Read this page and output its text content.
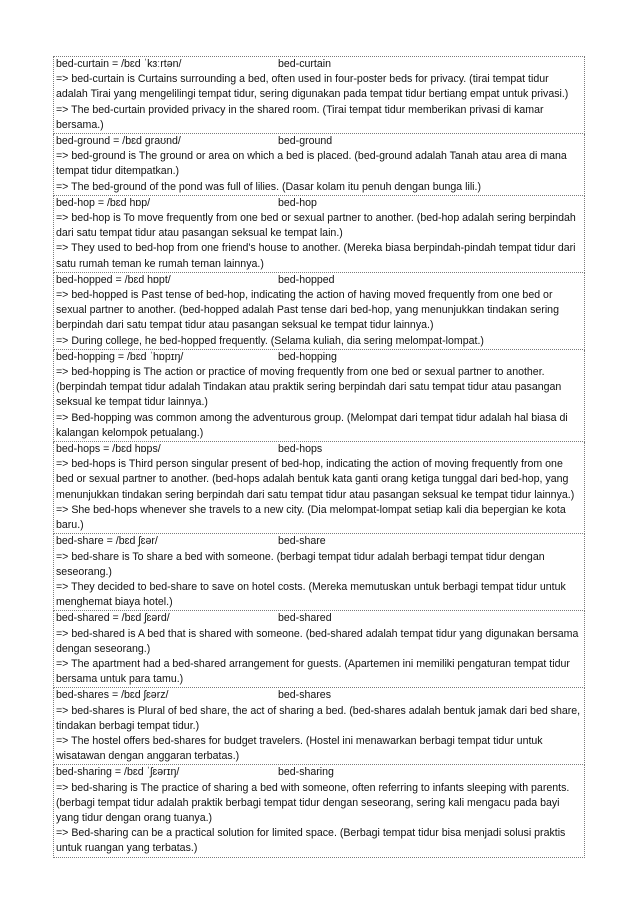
bed-curtain = /bɛd ˈkɜːrtən/	bed-curtain

=> bed-curtain is Curtains surrounding a bed, often used in four-poster beds for privacy. (tirai tempat tidur adalah Tirai yang mengelilingi tempat tidur, sering digunakan pada tempat tidur bertiang empat untuk privasi.)

=> The bed-curtain provided privacy in the shared room. (Tirai tempat tidur memberikan privasi di kamar bersama.)

bed-ground = /bɛd graʊnd/	bed-ground

=> bed-ground is The ground or area on which a bed is placed. (bed-ground adalah Tanah atau area di mana tempat tidur ditempatkan.)

=> The bed-ground of the pond was full of lilies. (Dasar kolam itu penuh dengan bunga lili.)

bed-hop = /bɛd hɒp/	bed-hop

=> bed-hop is To move frequently from one bed or sexual partner to another. (bed-hop adalah sering berpindah dari satu tempat tidur atau pasangan seksual ke tempat lain.)

=> They used to bed-hop from one friend's house to another. (Mereka biasa berpindah-pindah tempat tidur dari satu rumah teman ke rumah teman lainnya.)

bed-hopped = /bɛd hɒpt/	bed-hopped

=> bed-hopped is Past tense of bed-hop, indicating the action of having moved frequently from one bed or sexual partner to another. (bed-hopped adalah Past tense dari bed-hop, yang menunjukkan tindakan sering berpindah dari satu tempat tidur atau pasangan seksual ke tempat tidur lainnya.)

=> During college, he bed-hopped frequently. (Selama kuliah, dia sering melompat-lompat.)

bed-hopping = /bɛd ˈhɒpɪŋ/	bed-hopping

=> bed-hopping is The action or practice of moving frequently from one bed or sexual partner to another. (berpindah tempat tidur adalah Tindakan atau praktik sering berpindah dari satu tempat tidur atau pasangan seksual ke tempat tidur lainnya.)

=> Bed-hopping was common among the adventurous group. (Melompat dari tempat tidur adalah hal biasa di kalangan kelompok petualang.)

bed-hops = /bɛd hɒps/	bed-hops

=> bed-hops is Third person singular present of bed-hop, indicating the action of moving frequently from one bed or sexual partner to another. (bed-hops adalah bentuk kata ganti orang ketiga tunggal dari bed-hop, yang menunjukkan tindakan sering berpindah dari satu tempat tidur atau pasangan seksual ke tempat tidur lainnya.)

=> She bed-hops whenever she travels to a new city. (Dia melompat-lompat setiap kali dia bepergian ke kota baru.)

bed-share = /bɛd ʃɛər/	bed-share

=> bed-share is To share a bed with someone. (berbagi tempat tidur adalah berbagi tempat tidur dengan seseorang.)

=> They decided to bed-share to save on hotel costs. (Mereka memutuskan untuk berbagi tempat tidur untuk menghemat biaya hotel.)

bed-shared = /bɛd ʃɛərd/	bed-shared

=> bed-shared is A bed that is shared with someone. (bed-shared adalah tempat tidur yang digunakan bersama dengan seseorang.)

=> The apartment had a bed-shared arrangement for guests. (Apartemen ini memiliki pengaturan tempat tidur bersama untuk para tamu.)

bed-shares = /bɛd ʃɛərz/	bed-shares

=> bed-shares is Plural of bed share, the act of sharing a bed. (bed-shares adalah bentuk jamak dari bed share, tindakan berbagi tempat tidur.)

=> The hostel offers bed-shares for budget travelers. (Hostel ini menawarkan berbagi tempat tidur untuk wisatawan dengan anggaran terbatas.)

bed-sharing = /bɛd ˈʃɛərɪŋ/	bed-sharing

=> bed-sharing is The practice of sharing a bed with someone, often referring to infants sleeping with parents. (berbagi tempat tidur adalah praktik berbagi tempat tidur dengan seseorang, sering kali mengacu pada bayi yang tidur dengan orang tuanya.)

=> Bed-sharing can be a practical solution for limited space. (Berbagi tempat tidur bisa menjadi solusi praktis untuk ruangan yang terbatas.)
